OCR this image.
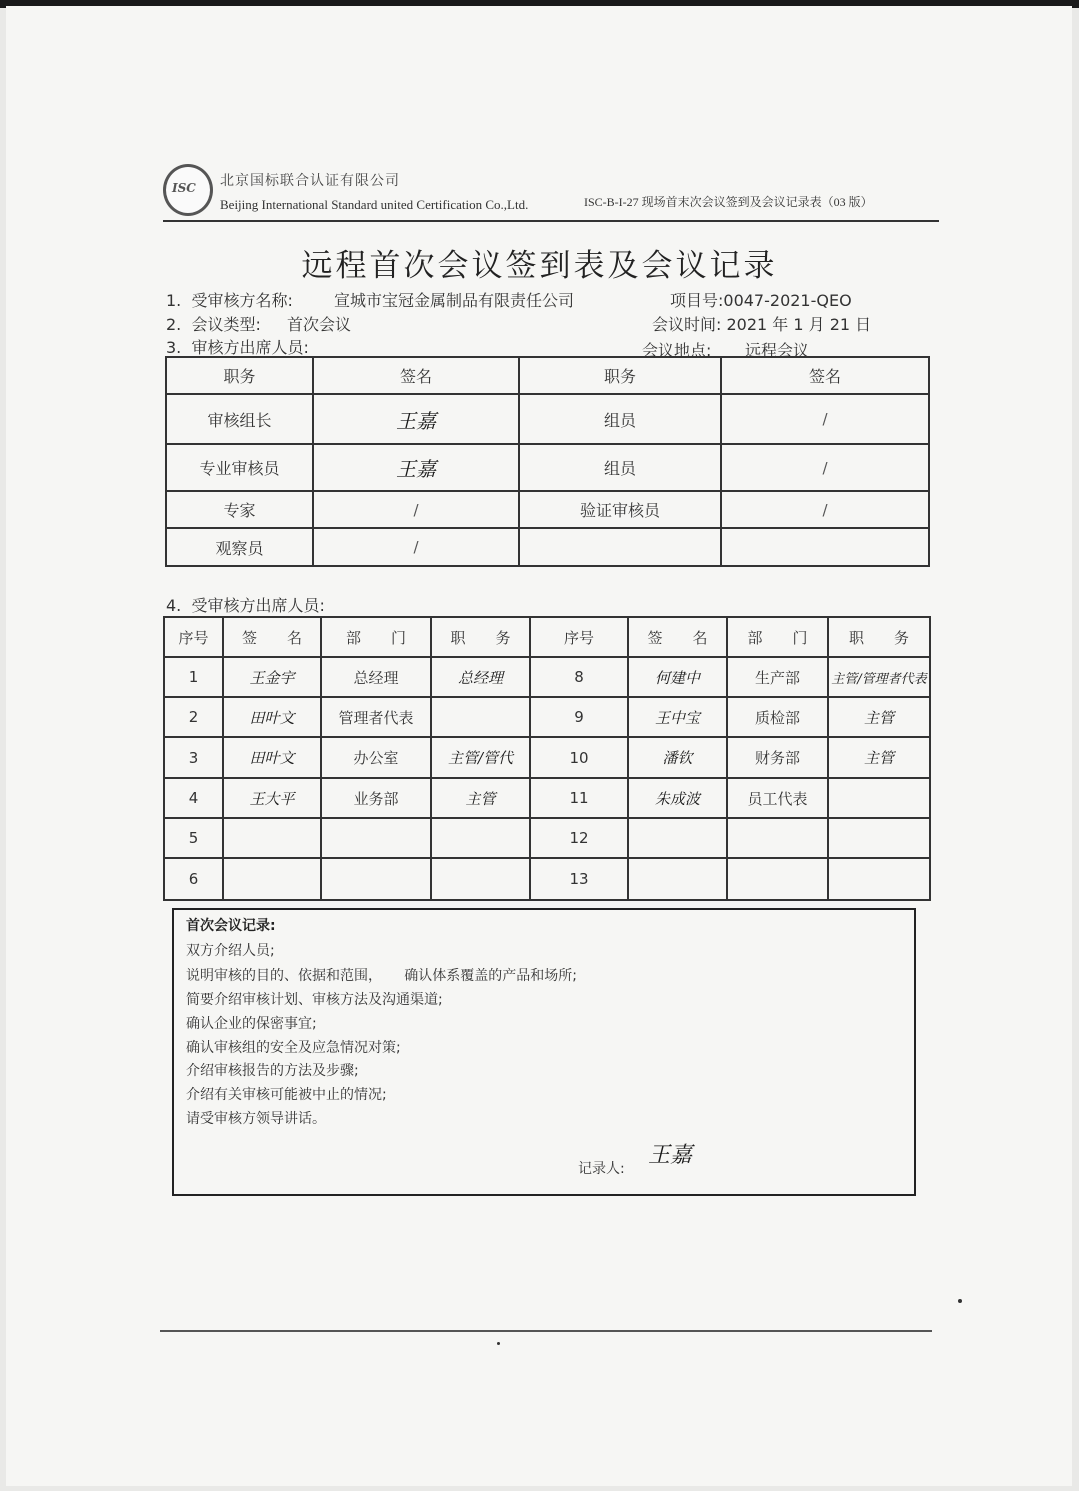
ISC 北京国标联合认证有限公司
Beijing International Standard united Certification Co.,Ltd.	ISC-B-I-27 现场首末次会议签到及会议记录表（03 版）
远程首次会议签到表及会议记录
1.  受审核方名称:	宣城市宝冠金属制品有限责任公司	项目号:0047-2021-QEO
2.  会议类型: 首次会议	会议时间: 2021 年 1 月 21 日
3.  审核方出席人员:	会议地点: 远程会议
职务	签名	职务	签名
审核组长	王嘉	组员	/
专业审核员	王嘉	组员	/
专家	/	验证审核员	/
观察员	/		
4.  受审核方出席人员:
序号	签　　名	部　　门	职　　务	序号	签　　名	部　　门	职　　务
1	王金宇	总经理	总经理	8	何建中	生产部	主管/管理者代表
2	田叶文	管理者代表		9	王中宝	质检部	主管
3	田叶文	办公室	主管/管代	10	潘钦	财务部	主管
4	王大平	业务部	主管	11	朱成波	员工代表	
5				12			
6				13			
首次会议记录:
双方介绍人员;
说明审核的目的、依据和范围，     确认体系覆盖的产品和场所;
简要介绍审核计划、审核方法及沟通渠道;
确认企业的保密事宜;
确认审核组的安全及应急情况对策;
介绍审核报告的方法及步骤;
介绍有关审核可能被中止的情况;
请受审核方领导讲话。
记录人:
王嘉
